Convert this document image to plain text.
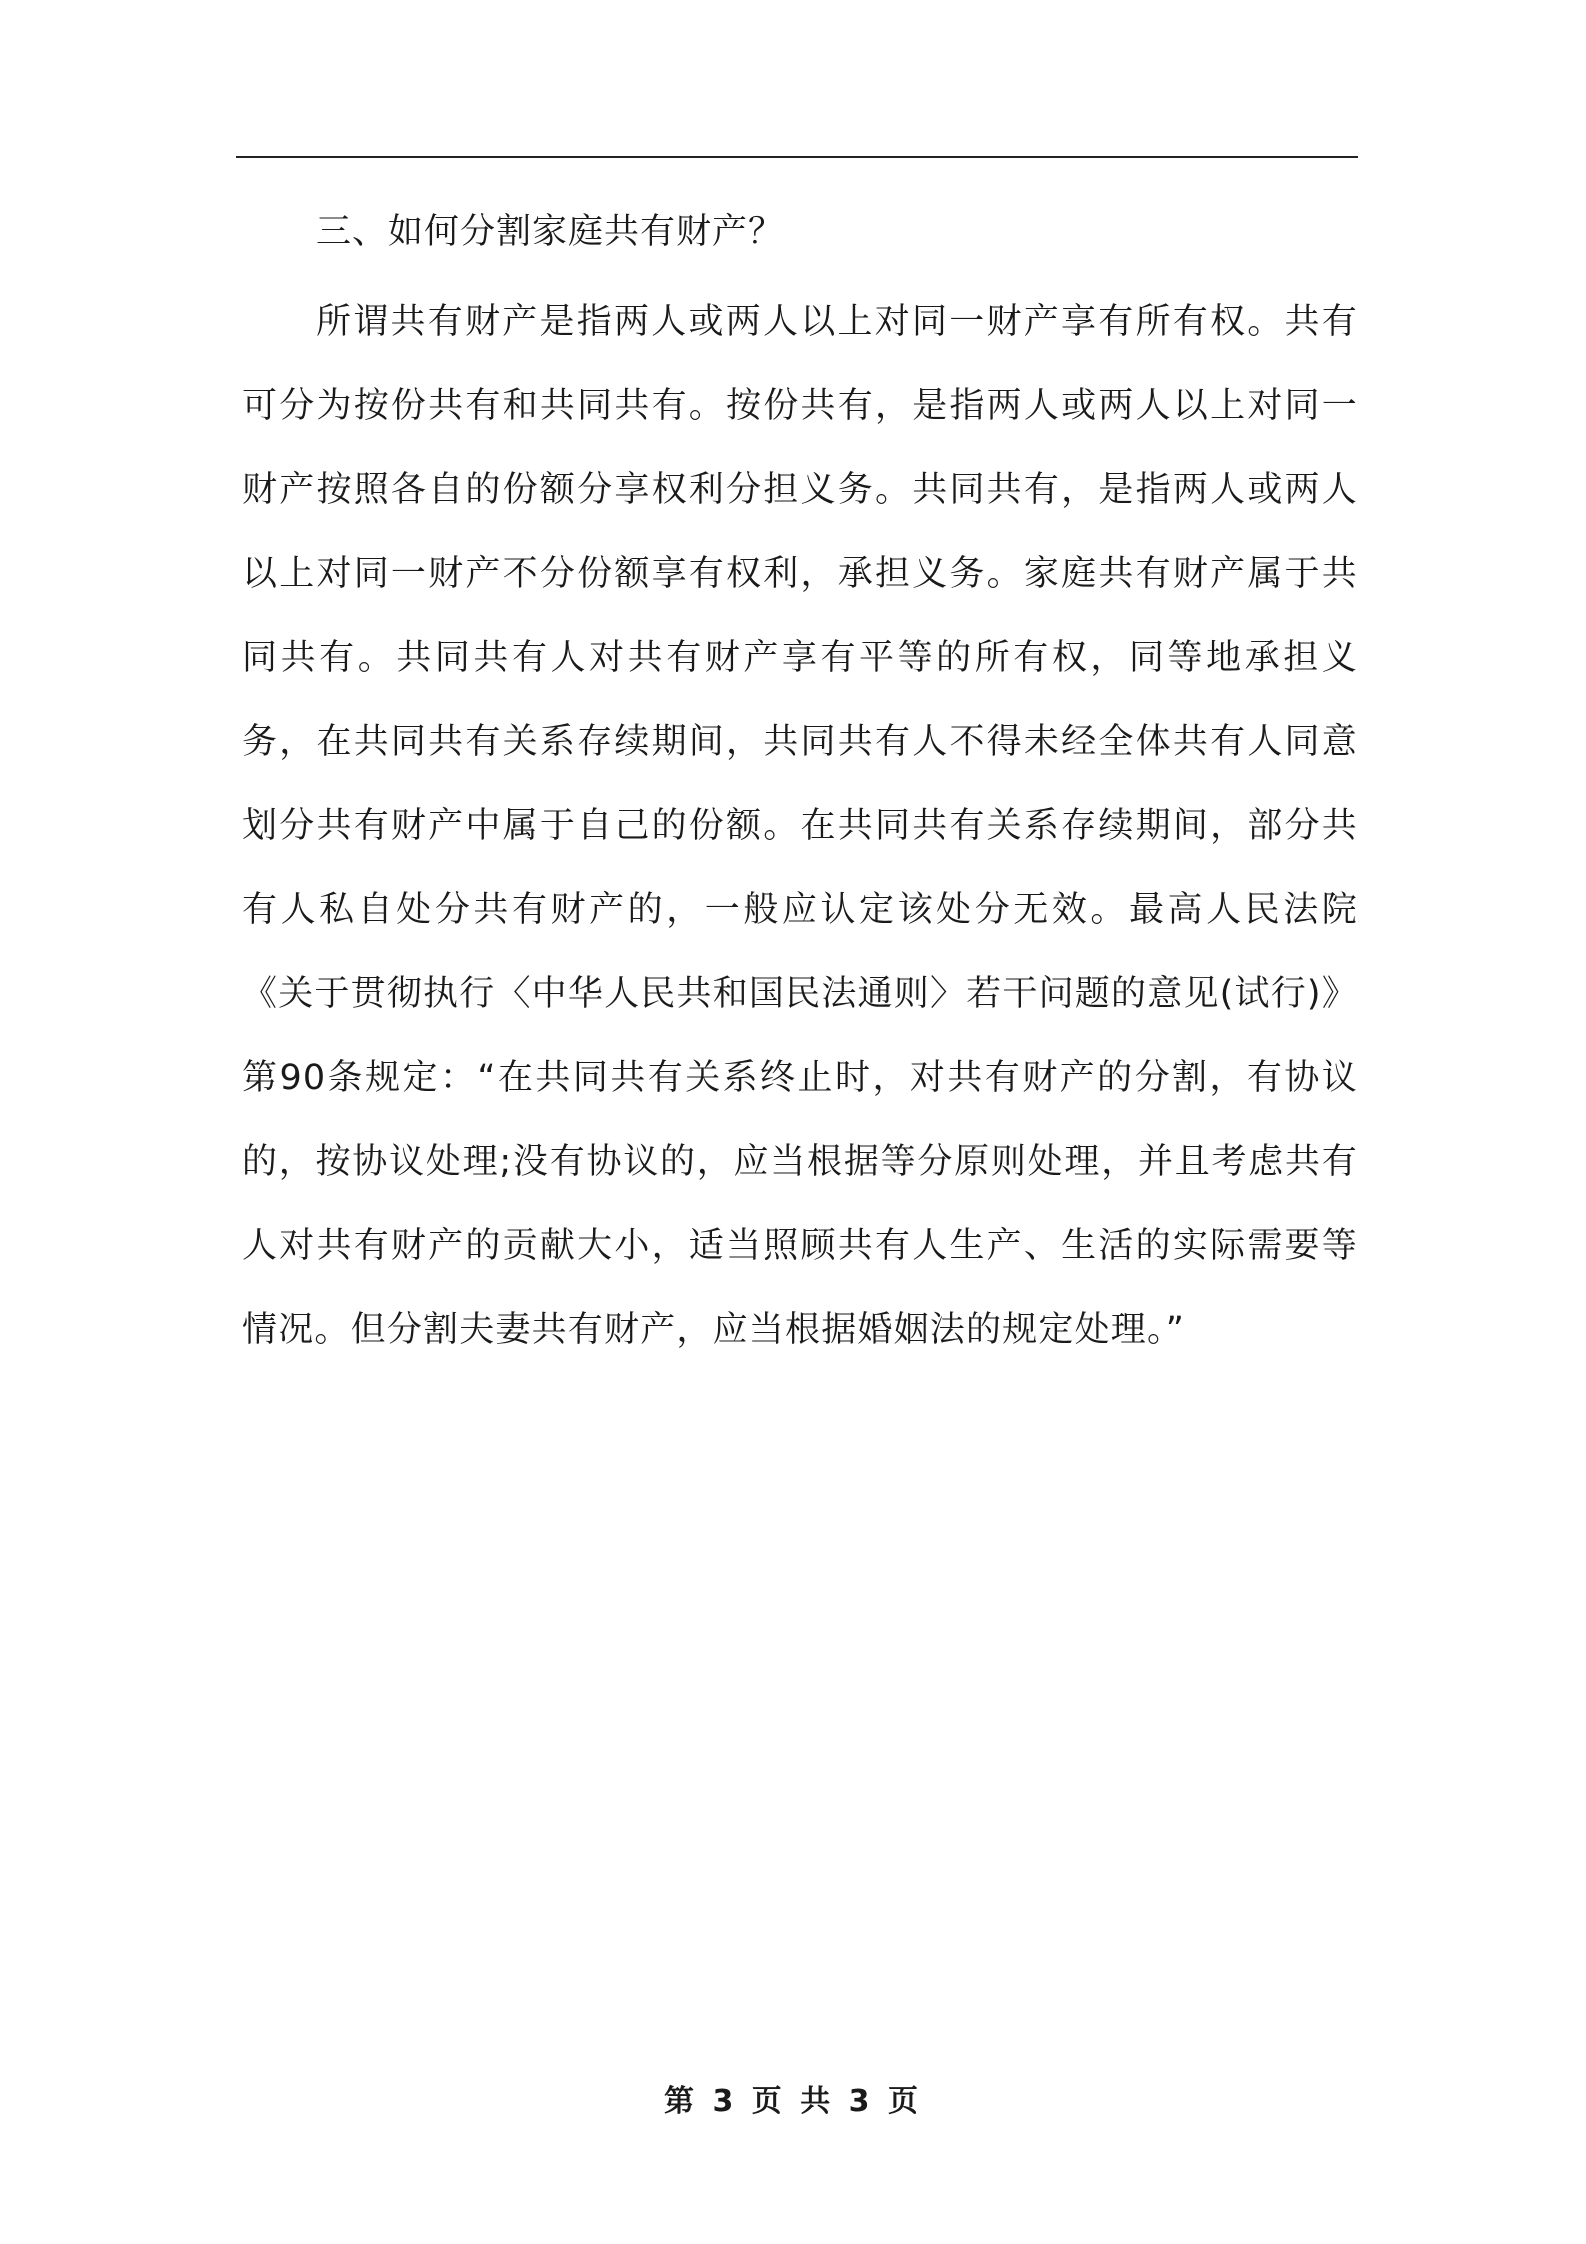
三、如何分割家庭共有财产？

所谓共有财产是指两人或两人以上对同一财产享有所有权。共有可分为按份共有和共同共有。按份共有，是指两人或两人以上对同一财产按照各自的份额分享权利分担义务。共同共有，是指两人或两人以上对同一财产不分份额享有权利，承担义务。家庭共有财产属于共同共有。共同共有人对共有财产享有平等的所有权，同等地承担义务，在共同共有关系存续期间，共同共有人不得未经全体共有人同意划分共有财产中属于自己的份额。在共同共有关系存续期间，部分共有人私自处分共有财产的，一般应认定该处分无效。最高人民法院《关于贯彻执行〈中华人民共和国民法通则〉若干问题的意见(试行)》第90条规定：“在共同共有关系终止时，对共有财产的分割，有协议的，按协议处理;没有协议的，应当根据等分原则处理，并且考虑共有人对共有财产的贡献大小，适当照顾共有人生产、生活的实际需要等情况。但分割夫妻共有财产，应当根据婚姻法的规定处理。”

第 3 页 共 3 页
